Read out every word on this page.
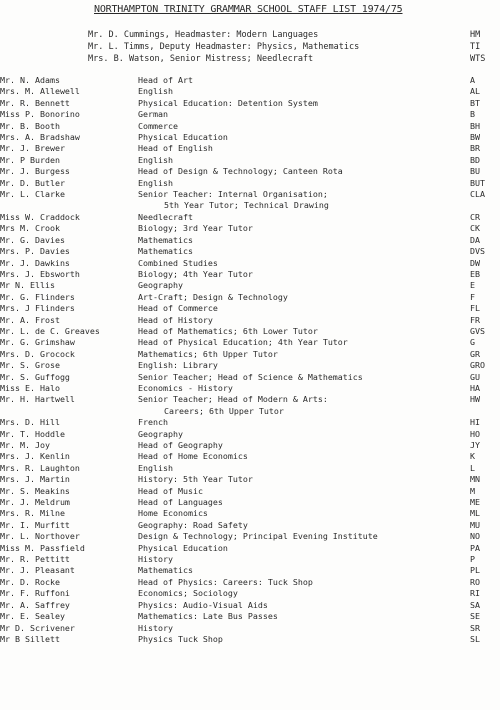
NORTHAMPTON TRINITY GRAMMAR SCHOOL STAFF LIST 1974/75
Mr. D. Cummings, Headmaster: Modern Languages	HM
Mr. L. Timms, Deputy Headmaster: Physics, Mathematics	TI
Mrs. B. Watson, Senior Mistress; Needlecraft	WTS
Mr. N. Adams	Head of Art	A
Mrs. M. Allewell	English	AL
Mr. R. Bennett	Physical Education: Detention System	BT
Miss P. Bonorino	German	B
Mr. B. Booth	Commerce	BH
Mrs. A. Bradshaw	Physical Education	BW
Mr. J. Brewer	Head of English	BR
Mr. P Burden	English	BD
Mr. J. Burgess	Head of Design & Technology; Canteen Rota	BU
Mr. D. Butler	English	BUT
Mr. L. Clarke	Senior Teacher: Internal Organisation;	CLA
5th Year Tutor; Technical Drawing
Miss W. Craddock	Needlecraft	CR
Mrs M. Crook	Biology; 3rd Year Tutor	CK
Mr. G. Davies	Mathematics	DA
Mrs. P. Davies	Mathematics	DVS
Mr. J. Dawkins	Combined Studies	DW
Mrs. J. Ebsworth	Biology; 4th Year Tutor	EB
Mr N. Ellis	Geography	E
Mr. G. Flinders	Art-Craft; Design & Technology	F
Mrs. J Flinders	Head of Commerce	FL
Mr. A. Frost	Head of History	FR
Mr. L. de C. Greaves	Head of Mathematics; 6th Lower Tutor	GVS
Mr. G. Grimshaw	Head of Physical Education; 4th Year Tutor	G
Mrs. D. Grocock	Mathematics; 6th Upper Tutor	GR
Mr. S. Grose	English: Library	GRO
Mr. S. Guffogg	Senior Teacher; Head of Science & Mathematics	GU
Miss E. Halo	Economics - History	HA
Mr. H. Hartwell	Senior Teacher; Head of Modern & Arts:	HW
Careers; 6th Upper Tutor
Mrs. D. Hill	French	HI
Mr. T. Hoddle	Geography	HO
Mr. M. Joy	Head of Geography	JY
Mrs. J. Kenlin	Head of Home Economics	K
Mrs. R. Laughton	English	L
Mrs. J. Martin	History: 5th Year Tutor	MN
Mr. S. Meakins	Head of Music	M
Mr. J. Meldrum	Head of Languages	ME
Mrs. R. Milne	Home Economics	ML
Mr. I. Murfitt	Geography: Road Safety	MU
Mr. L. Northover	Design & Technology; Principal Evening Institute	NO
Miss M. Passfield	Physical Education	PA
Mr. R. Pettitt	History	P
Mr. J. Pleasant	Mathematics	PL
Mr. D. Rocke	Head of Physics: Careers: Tuck Shop	RO
Mr. F. Ruffoni	Economics; Sociology	RI
Mr. A. Saffrey	Physics: Audio-Visual Aids	SA
Mr. E. Sealey	Mathematics: Late Bus Passes	SE
Mr D. Scrivener	History	SR
Mr B Sillett	Physics Tuck Shop	SL
